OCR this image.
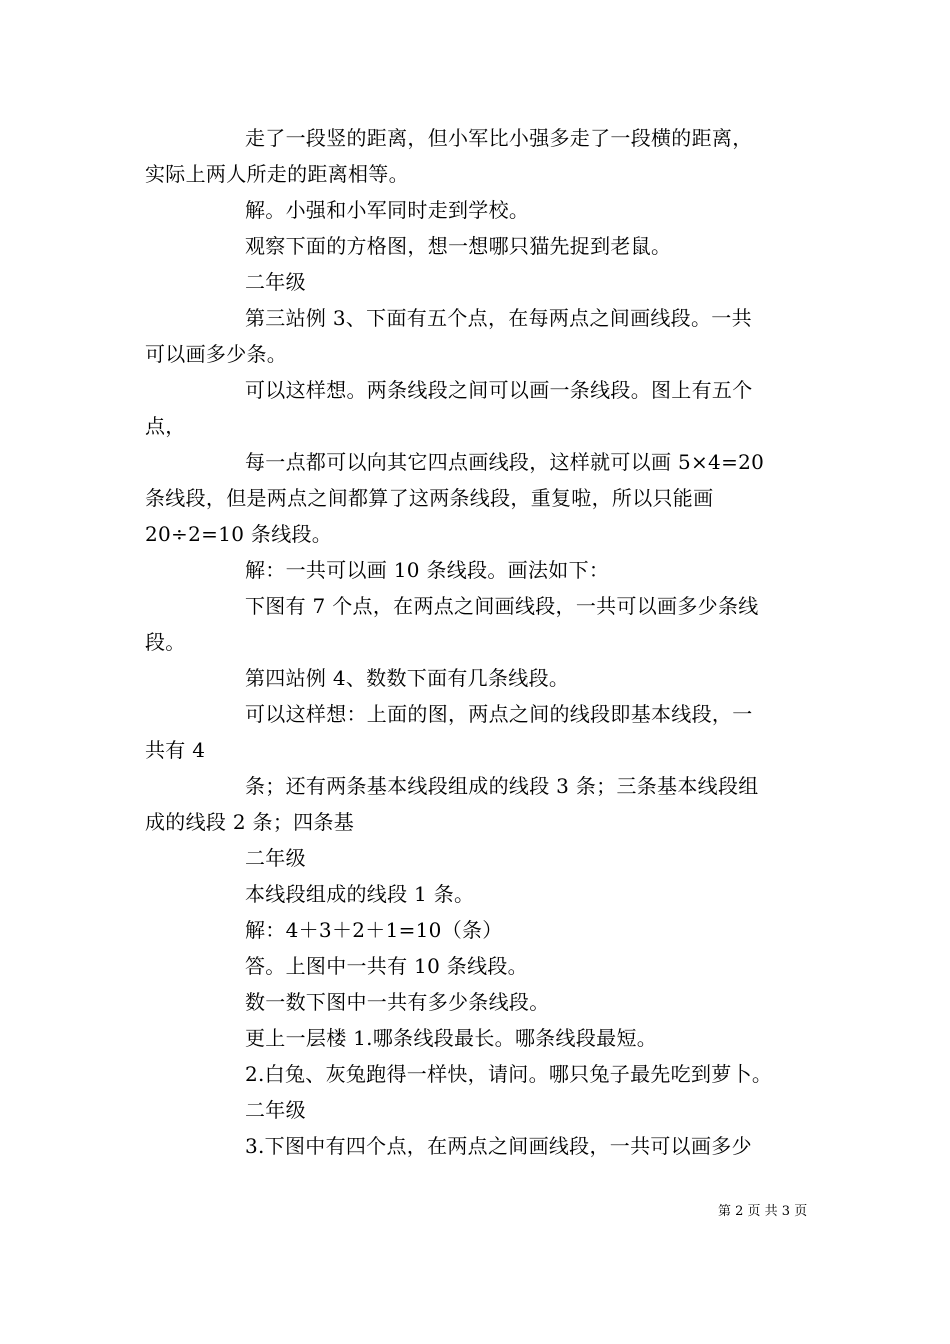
走了一段竖的距离，但小军比小强多走了一段横的距离，
实际上两人所走的距离相等。
解。小强和小军同时走到学校。
观察下面的方格图，想一想哪只猫先捉到老鼠。
二年级
第三站例 3、下面有五个点，在每两点之间画线段。一共
可以画多少条。
可以这样想。两条线段之间可以画一条线段。图上有五个
点，
每一点都可以向其它四点画线段，这样就可以画 5×4=20
条线段，但是两点之间都算了这两条线段，重复啦，所以只能画
20÷2=10 条线段。
解：一共可以画 10 条线段。画法如下：
下图有 7 个点，在两点之间画线段，一共可以画多少条线
段。
第四站例 4、数数下面有几条线段。
可以这样想：上面的图，两点之间的线段即基本线段，一
共有 4
条；还有两条基本线段组成的线段 3 条；三条基本线段组
成的线段 2 条；四条基
二年级
本线段组成的线段 1 条。
解：4＋3＋2＋1=10（条）
答。上图中一共有 10 条线段。
数一数下图中一共有多少条线段。
更上一层楼 1.哪条线段最长。哪条线段最短。
2.白兔、灰兔跑得一样快，请问。哪只兔子最先吃到萝卜。
二年级
3.下图中有四个点，在两点之间画线段，一共可以画多少
第 2 页 共 3 页
